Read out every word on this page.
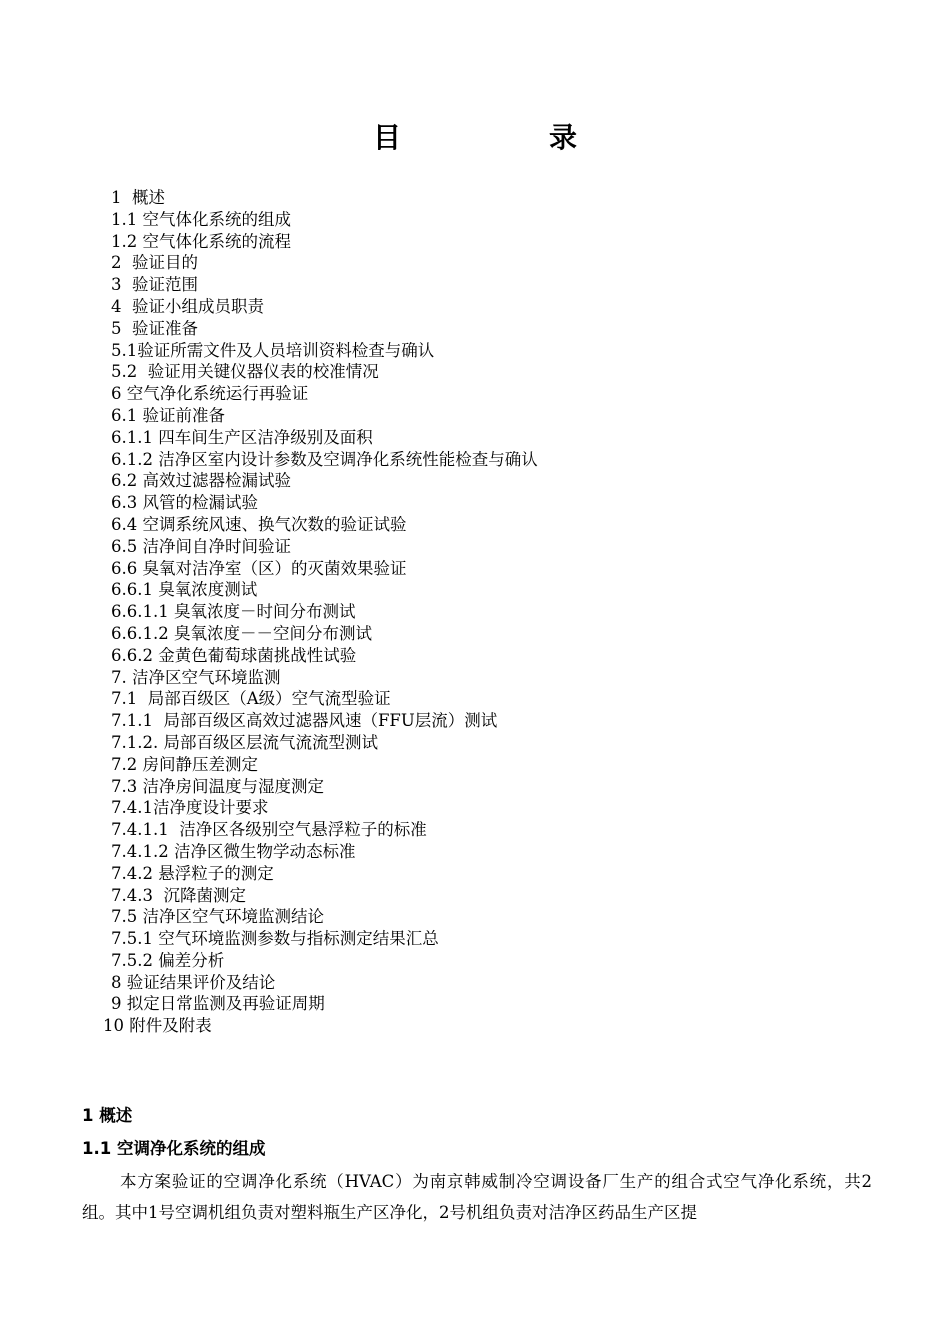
目　录
1  概述
1.1 空气体化系统的组成
1.2 空气体化系统的流程
2  验证目的
3  验证范围
4  验证小组成员职责
5  验证准备
5.1验证所需文件及人员培训资料检查与确认
5.2  验证用关键仪器仪表的校准情况
6 空气净化系统运行再验证
6.1 验证前准备
6.1.1 四车间生产区洁净级别及面积
6.1.2 洁净区室内设计参数及空调净化系统性能检查与确认
6.2 高效过滤器检漏试验
6.3 风管的检漏试验
6.4 空调系统风速、换气次数的验证试验
6.5 洁净间自净时间验证
6.6 臭氧对洁净室（区）的灭菌效果验证
6.6.1 臭氧浓度测试
6.6.1.1 臭氧浓度－时间分布测试
6.6.1.2 臭氧浓度－－空间分布测试
6.6.2 金黄色葡萄球菌挑战性试验
7. 洁净区空气环境监测
7.1  局部百级区（A级）空气流型验证
7.1.1  局部百级区高效过滤器风速（FFU层流）测试
7.1.2. 局部百级区层流气流流型测试
7.2 房间静压差测定
7.3 洁净房间温度与湿度测定
7.4.1洁净度设计要求
7.4.1.1  洁净区各级别空气悬浮粒子的标准
7.4.1.2 洁净区微生物学动态标准
7.4.2 悬浮粒子的测定
7.4.3  沉降菌测定
7.5 洁净区空气环境监测结论
7.5.1 空气环境监测参数与指标测定结果汇总
7.5.2 偏差分析
8 验证结果评价及结论
9 拟定日常监测及再验证周期
10 附件及附表
1 概述
1.1 空调净化系统的组成

本方案验证的空调净化系统（HVAC）为南京韩威制冷空调设备厂生产的组合式空气净化系统，共2组。其中1号空调机组负责对塑料瓶生产区净化，2号机组负责对洁净区药品生产区提
